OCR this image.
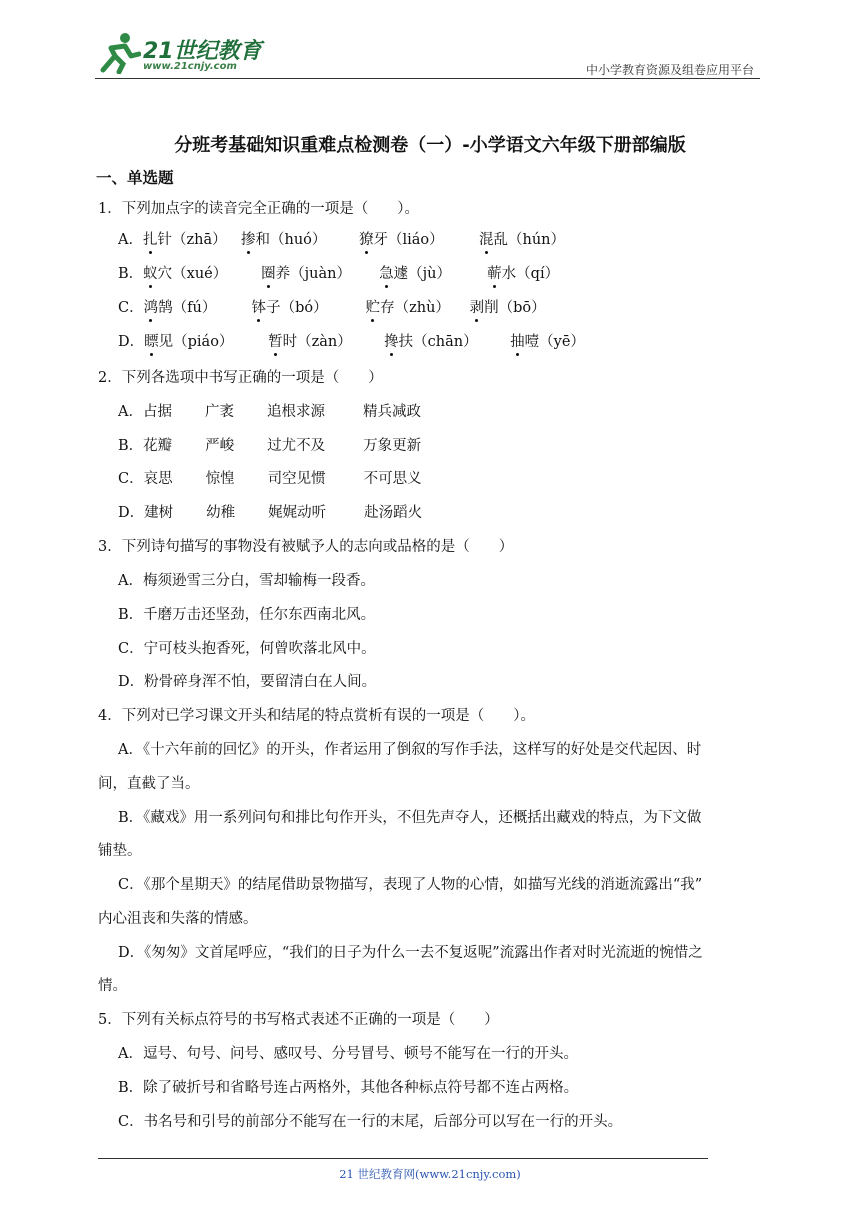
21世纪教育
www.21cnjy.com	中小学教育资源及组卷应用平台
分班考基础知识重难点检测卷（一）-小学语文六年级下册部编版
一、单选题
1．下列加点字的读音完全正确的一项是（　　）。
A．扎针（zhā） 掺和（huó） 獠牙（liáo） 混乱（hún）
B．蚁穴（xué） 圈养（juàn） 急遽（jù） 蕲水（qí）
C．鸿鹄（fú） 钵子（bó）	贮存（zhù） 剥削（bō）
D．瞟见（piáo） 暂时（zàn） 搀扶（chān） 抽噎（yē）
2．下列各选项中书写正确的一项是（　　）
A．占据 广袤 追根求源	精兵减政
B．花瓣 严峻 过尤不及	万象更新
C．哀思 惊惶 司空见惯	不可思义
D．建树 幼稚 娓娓动听	赴汤蹈火
3．下列诗句描写的事物没有被赋予人的志向或品格的是（　　）
A．梅须逊雪三分白，雪却输梅一段香。
B．千磨万击还坚劲，任尔东西南北风。
C．宁可枝头抱香死，何曾吹落北风中。
D．粉骨碎身浑不怕，要留清白在人间。
4．下列对已学习课文开头和结尾的特点赏析有误的一项是（　　）。
A．《十六年前的回忆》的开头，作者运用了倒叙的写作手法，这样写的好处是交代起因、时
间，直截了当。
B．《藏戏》用一系列问句和排比句作开头，不但先声夺人，还概括出藏戏的特点，为下文做
铺垫。
C．《那个星期天》的结尾借助景物描写，表现了人物的心情，如描写光线的消逝流露出“我”
内心沮丧和失落的情感。
D．《匆匆》文首尾呼应，“我们的日子为什么一去不复返呢”流露出作者对时光流逝的惋惜之
情。
5．下列有关标点符号的书写格式表述不正确的一项是（　　）
A．逗号、句号、问号、感叹号、分号冒号、顿号不能写在一行的开头。
B．除了破折号和省略号连占两格外，其他各种标点符号都不连占两格。
C．书名号和引号的前部分不能写在一行的末尾，后部分可以写在一行的开头。
21 世纪教育网(www.21cnjy.com)
